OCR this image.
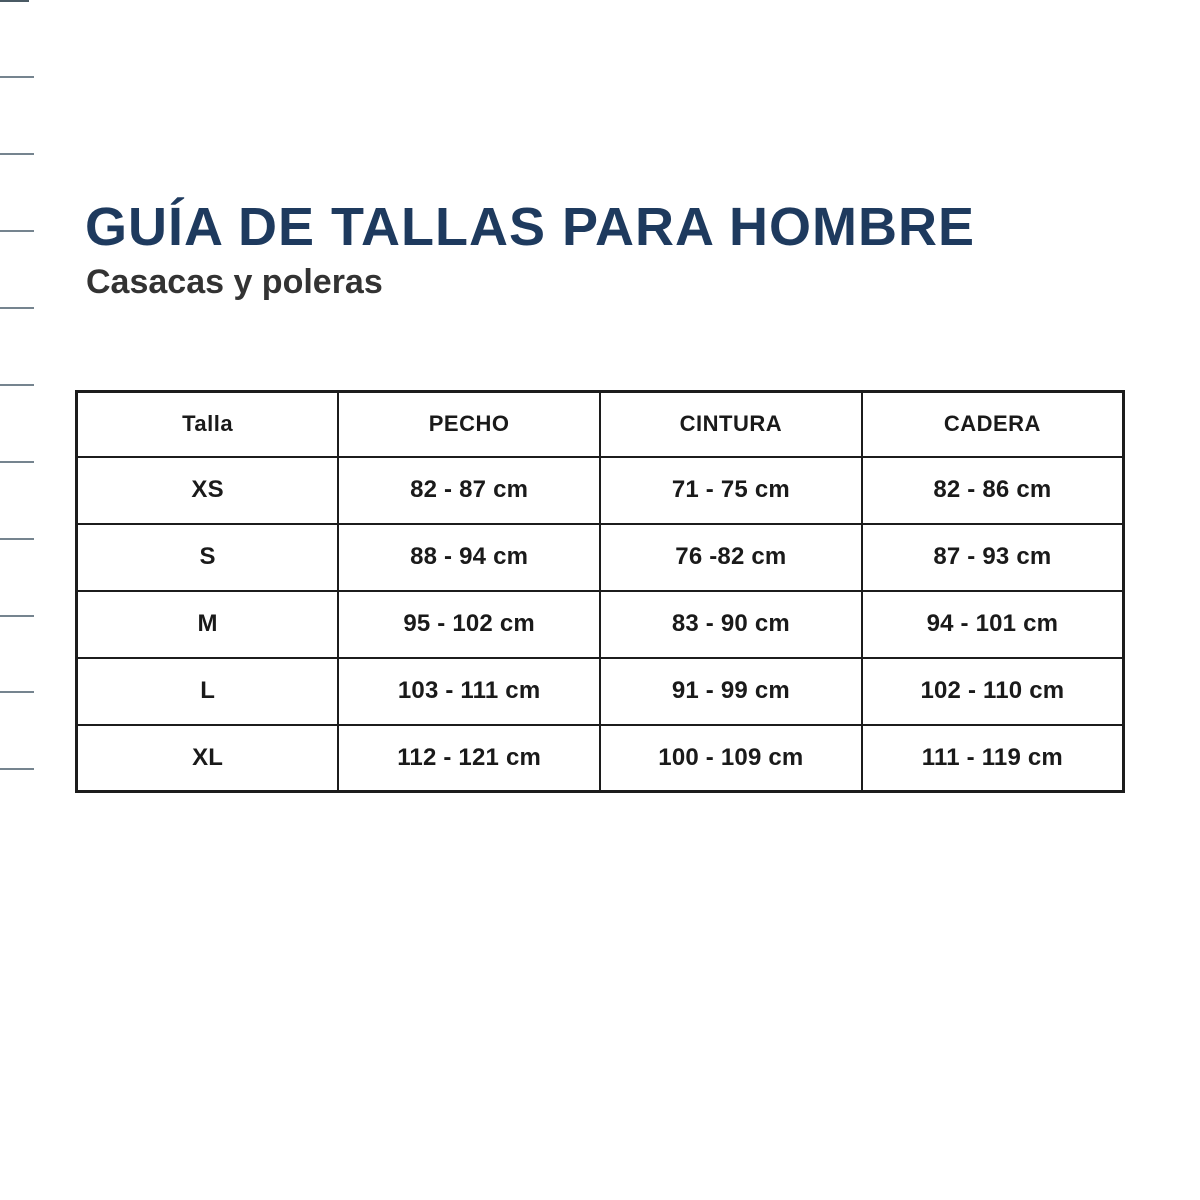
GUÍA DE TALLAS PARA HOMBRE
Casacas y poleras
Talla	PECHO	CINTURA	CADERA
XS	82 - 87 cm	71 - 75 cm	82 - 86 cm
S	88 - 94 cm	76 -82 cm	87 - 93 cm
M	95 - 102 cm	83 - 90 cm	94 - 101 cm
L	103 - 111 cm	91 - 99 cm	102 - 110 cm
XL	112 - 121 cm	100 - 109 cm	111 - 119 cm
